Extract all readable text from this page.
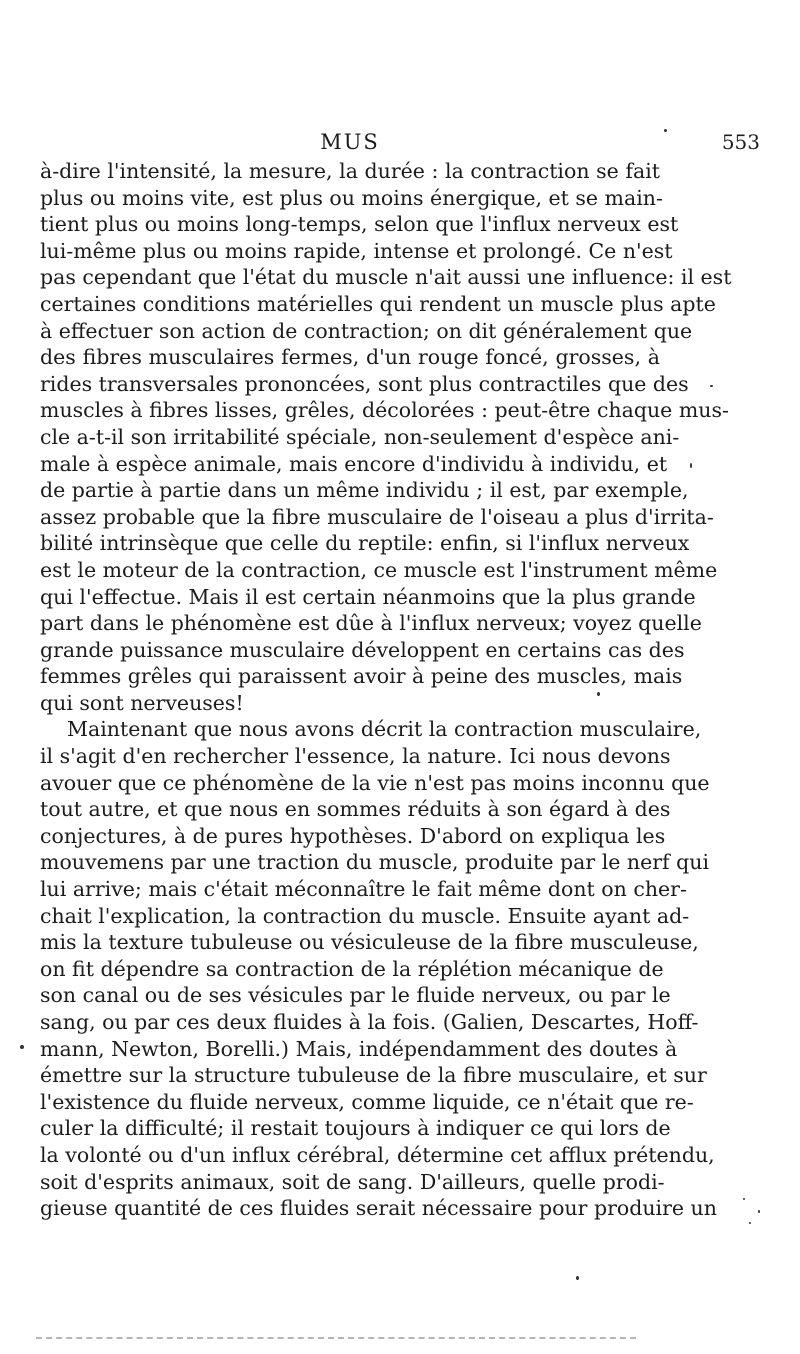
MUS	553
à-dire l'intensité, la mesure, la durée : la contraction se fait
plus ou moins vite, est plus ou moins énergique, et se main-
tient plus ou moins long-temps, selon que l'influx nerveux est
lui-même plus ou moins rapide, intense et prolongé. Ce n'est
pas cependant que l'état du muscle n'ait aussi une influence: il est
certaines conditions matérielles qui rendent un muscle plus apte
à effectuer son action de contraction; on dit généralement que
des fibres musculaires fermes, d'un rouge foncé, grosses, à
rides transversales prononcées, sont plus contractiles que des
muscles à fibres lisses, grêles, décolorées : peut-être chaque mus-
cle a-t-il son irritabilité spéciale, non-seulement d'espèce ani-
male à espèce animale, mais encore d'individu à individu, et
de partie à partie dans un même individu ; il est, par exemple,
assez probable que la fibre musculaire de l'oiseau a plus d'irrita-
bilité intrinsèque que celle du reptile: enfin, si l'influx nerveux
est le moteur de la contraction, ce muscle est l'instrument même
qui l'effectue. Mais il est certain néanmoins que la plus grande
part dans le phénomène est dûe à l'influx nerveux; voyez quelle
grande puissance musculaire développent en certains cas des
femmes grêles qui paraissent avoir à peine des muscles, mais
qui sont nerveuses!
Maintenant que nous avons décrit la contraction musculaire,
il s'agit d'en rechercher l'essence, la nature. Ici nous devons
avouer que ce phénomène de la vie n'est pas moins inconnu que
tout autre, et que nous en sommes réduits à son égard à des
conjectures, à de pures hypothèses. D'abord on expliqua les
mouvemens par une traction du muscle, produite par le nerf qui
lui arrive; mais c'était méconnaître le fait même dont on cher-
chait l'explication, la contraction du muscle. Ensuite ayant ad-
mis la texture tubuleuse ou vésiculeuse de la fibre musculeuse,
on fit dépendre sa contraction de la réplétion mécanique de
son canal ou de ses vésicules par le fluide nerveux, ou par le
sang, ou par ces deux fluides à la fois. (Galien, Descartes, Hoff-
mann, Newton, Borelli.) Mais, indépendamment des doutes à
émettre sur la structure tubuleuse de la fibre musculaire, et sur
l'existence du fluide nerveux, comme liquide, ce n'était que re-
culer la difficulté; il restait toujours à indiquer ce qui lors de
la volonté ou d'un influx cérébral, détermine cet afflux prétendu,
soit d'esprits animaux, soit de sang. D'ailleurs, quelle prodi-
gieuse quantité de ces fluides serait nécessaire pour produire un
